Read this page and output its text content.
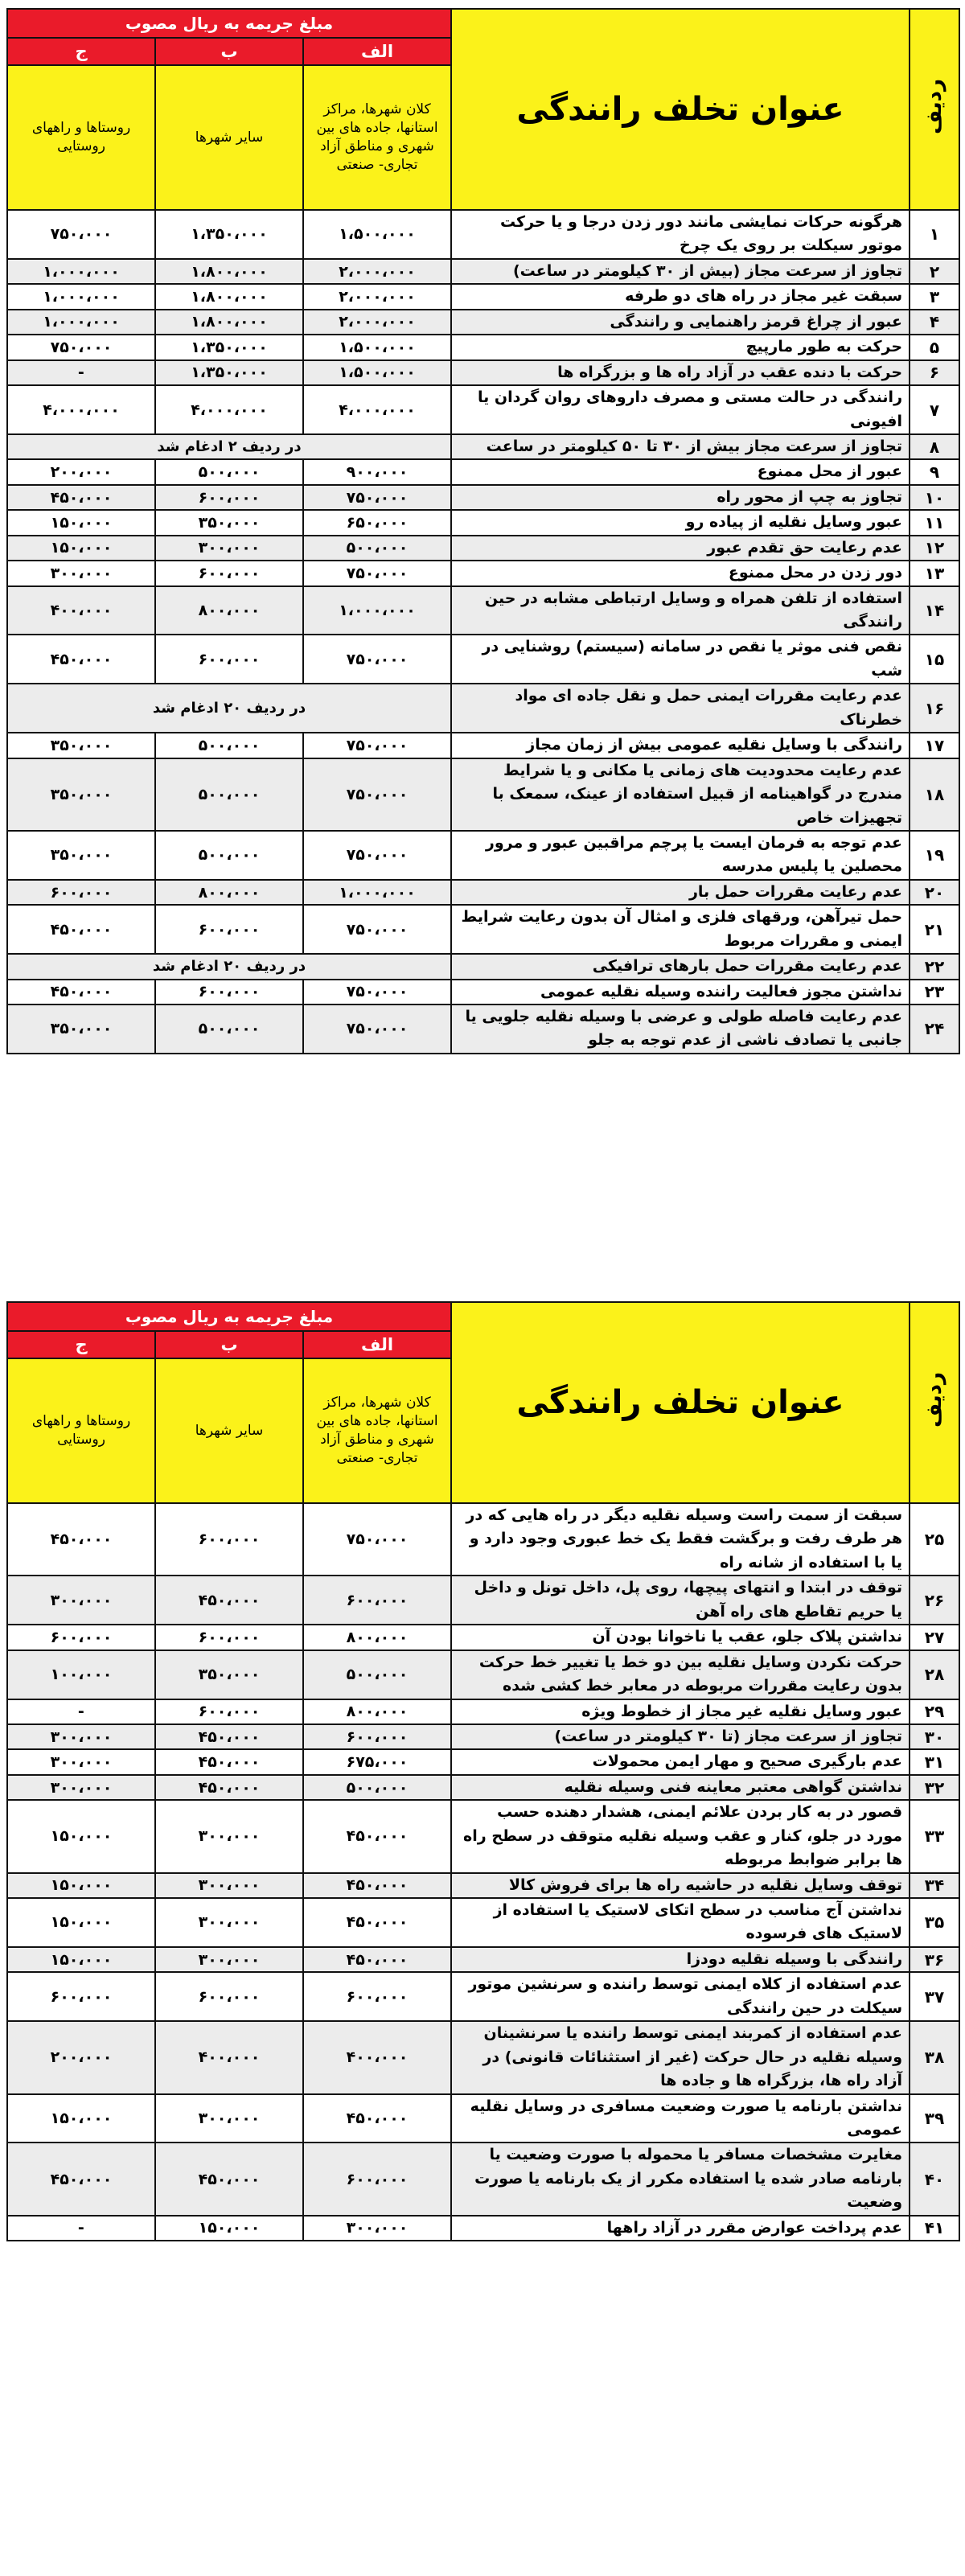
ردیف	عنوان تخلف رانندگی	مبلغ جریمه به ریال مصوب		
		الف	ب	ج
		کلان شهرها، مراکز استانها، جاده های بین شهری و مناطق آزاد تجاری- صنعتی	سایر شهرها	روستاها و راههای روستایی
۱	هرگونه حرکات نمایشی مانند دور زدن درجا و یا حرکت موتور سیکلت بر روی یک چرخ	۱،۵۰۰،۰۰۰	۱،۳۵۰،۰۰۰	۷۵۰،۰۰۰
۲	تجاوز از سرعت مجاز (بیش از ۳۰ کیلومتر در ساعت)	۲،۰۰۰،۰۰۰	۱،۸۰۰،۰۰۰	۱،۰۰۰،۰۰۰
۳	سبقت غیر مجاز در راه های دو طرفه	۲،۰۰۰،۰۰۰	۱،۸۰۰،۰۰۰	۱،۰۰۰،۰۰۰
۴	عبور از چراغ قرمز راهنمایی و رانندگی	۲،۰۰۰،۰۰۰	۱،۸۰۰،۰۰۰	۱،۰۰۰،۰۰۰
۵	حرکت به طور مارپیچ	۱،۵۰۰،۰۰۰	۱،۳۵۰،۰۰۰	۷۵۰،۰۰۰
۶	حرکت با دنده عقب در آزاد راه ها و بزرگراه ها	۱،۵۰۰،۰۰۰	۱،۳۵۰،۰۰۰	-
۷	رانندگی در حالت مستی و مصرف داروهای روان گردان یا افیونی	۴،۰۰۰،۰۰۰	۴،۰۰۰،۰۰۰	۴،۰۰۰،۰۰۰
۸	تجاوز از سرعت مجاز بیش از ۳۰ تا ۵۰ کیلومتر در ساعت	در ردیف ۲ ادغام شد		
۹	عبور از محل ممنوع	۹۰۰،۰۰۰	۵۰۰،۰۰۰	۲۰۰،۰۰۰
۱۰	تجاوز به چپ از محور راه	۷۵۰،۰۰۰	۶۰۰،۰۰۰	۴۵۰،۰۰۰
۱۱	عبور وسایل نقلیه از پیاده رو	۶۵۰،۰۰۰	۳۵۰،۰۰۰	۱۵۰،۰۰۰
۱۲	عدم رعایت حق تقدم عبور	۵۰۰،۰۰۰	۳۰۰،۰۰۰	۱۵۰،۰۰۰
۱۳	دور زدن در محل ممنوع	۷۵۰،۰۰۰	۶۰۰،۰۰۰	۳۰۰،۰۰۰
۱۴	استفاده از تلفن همراه و وسایل ارتباطی مشابه در حین رانندگی	۱،۰۰۰،۰۰۰	۸۰۰،۰۰۰	۴۰۰،۰۰۰
۱۵	نقص فنی موثر یا نقص در سامانه (سیستم) روشنایی در شب	۷۵۰،۰۰۰	۶۰۰،۰۰۰	۴۵۰،۰۰۰
۱۶	عدم رعایت مقررات ایمنی حمل و نقل جاده ای مواد خطرناک	در ردیف ۲۰ ادغام شد		
۱۷	رانندگی با وسایل نقلیه عمومی بیش از زمان مجاز	۷۵۰،۰۰۰	۵۰۰،۰۰۰	۳۵۰،۰۰۰
۱۸	عدم رعایت محدودیت های زمانی یا مکانی و یا شرایط مندرج در گواهینامه از قبیل استفاده از عینک، سمعک با تجهیزات خاص	۷۵۰،۰۰۰	۵۰۰،۰۰۰	۳۵۰،۰۰۰
۱۹	عدم توجه به فرمان ایست یا پرچم مراقبین عبور و مرور محصلین یا پلیس مدرسه	۷۵۰،۰۰۰	۵۰۰،۰۰۰	۳۵۰،۰۰۰
۲۰	عدم رعایت مقررات حمل بار	۱،۰۰۰،۰۰۰	۸۰۰،۰۰۰	۶۰۰،۰۰۰
۲۱	حمل تیرآهن، ورقهای فلزی و امثال آن بدون رعایت شرایط ایمنی و مقررات مربوط	۷۵۰،۰۰۰	۶۰۰،۰۰۰	۴۵۰،۰۰۰
۲۲	عدم رعایت مقررات حمل بارهای ترافیکی	در ردیف ۲۰ ادغام شد		
۲۳	نداشتن مجوز فعالیت راننده وسیله نقلیه عمومی	۷۵۰،۰۰۰	۶۰۰،۰۰۰	۴۵۰،۰۰۰
۲۴	عدم رعایت فاصله طولی و عرضی با وسیله نقلیه جلویی یا جانبی یا تصادف ناشی از عدم توجه به جلو	۷۵۰،۰۰۰	۵۰۰،۰۰۰	۳۵۰،۰۰۰
ردیف	عنوان تخلف رانندگی	مبلغ جریمه به ریال مصوب		
		الف	ب	ج
		کلان شهرها، مراکز استانها، جاده های بین شهری و مناطق آزاد تجاری- صنعتی	سایر شهرها	روستاها و راههای روستایی
۲۵	سبقت از سمت راست وسیله نقلیه دیگر در راه هایی که در هر طرف رفت و برگشت فقط یک خط عبوری وجود دارد و یا با استفاده از شانه راه	۷۵۰،۰۰۰	۶۰۰،۰۰۰	۴۵۰،۰۰۰
۲۶	توقف در ابتدا و انتهای پیچها، روی پل، داخل تونل و داخل یا حریم تقاطع های راه آهن	۶۰۰،۰۰۰	۴۵۰،۰۰۰	۳۰۰،۰۰۰
۲۷	نداشتن پلاک جلو، عقب یا ناخوانا بودن آن	۸۰۰،۰۰۰	۶۰۰،۰۰۰	۶۰۰،۰۰۰
۲۸	حرکت نکردن وسایل نقلیه بین دو خط یا تغییر خط حرکت بدون رعایت مقررات مربوطه در معابر خط کشی شده	۵۰۰،۰۰۰	۳۵۰،۰۰۰	۱۰۰،۰۰۰
۲۹	عبور وسایل نقلیه غیر مجاز از خطوط ویژه	۸۰۰،۰۰۰	۶۰۰،۰۰۰	-
۳۰	تجاوز از سرعت مجاز (تا ۳۰ کیلومتر در ساعت)	۶۰۰،۰۰۰	۴۵۰،۰۰۰	۳۰۰،۰۰۰
۳۱	عدم بارگیری صحیح و مهار ایمن محمولات	۶۷۵،۰۰۰	۴۵۰،۰۰۰	۳۰۰،۰۰۰
۳۲	نداشتن گواهی معتبر معاینه فنی وسیله نقلیه	۵۰۰،۰۰۰	۴۵۰،۰۰۰	۳۰۰،۰۰۰
۳۳	قصور در به کار بردن علائم ایمنی، هشدار دهنده حسب مورد در جلو، کنار و عقب وسیله نقلیه متوقف در سطح راه ها برابر ضوابط مربوطه	۴۵۰،۰۰۰	۳۰۰،۰۰۰	۱۵۰،۰۰۰
۳۴	توقف وسایل نقلیه در حاشیه راه ها برای فروش کالا	۴۵۰،۰۰۰	۳۰۰،۰۰۰	۱۵۰،۰۰۰
۳۵	نداشتن آج مناسب در سطح اتکای لاستیک یا استفاده از لاستیک های فرسوده	۴۵۰،۰۰۰	۳۰۰،۰۰۰	۱۵۰،۰۰۰
۳۶	رانندگی با وسیله نقلیه دودزا	۴۵۰،۰۰۰	۳۰۰،۰۰۰	۱۵۰،۰۰۰
۳۷	عدم استفاده از کلاه ایمنی توسط راننده و سرنشین موتور سیکلت در حین رانندگی	۶۰۰،۰۰۰	۶۰۰،۰۰۰	۶۰۰،۰۰۰
۳۸	عدم استفاده از کمربند ایمنی توسط راننده یا سرنشینان وسیله نقلیه در حال حرکت (غیر از استثنائات قانونی) در آزاد راه ها، بزرگراه ها و جاده ها	۴۰۰،۰۰۰	۴۰۰،۰۰۰	۲۰۰،۰۰۰
۳۹	نداشتن بارنامه یا صورت وضعیت مسافری در وسایل نقلیه عمومی	۴۵۰،۰۰۰	۳۰۰،۰۰۰	۱۵۰،۰۰۰
۴۰	مغایرت مشخصات مسافر یا محموله با صورت وضعیت یا بارنامه صادر شده یا استفاده مکرر از یک بارنامه یا صورت وضعیت	۶۰۰،۰۰۰	۴۵۰،۰۰۰	۴۵۰،۰۰۰
۴۱	عدم پرداخت عوارض مقرر در آزاد راهها	۳۰۰،۰۰۰	۱۵۰،۰۰۰	-
